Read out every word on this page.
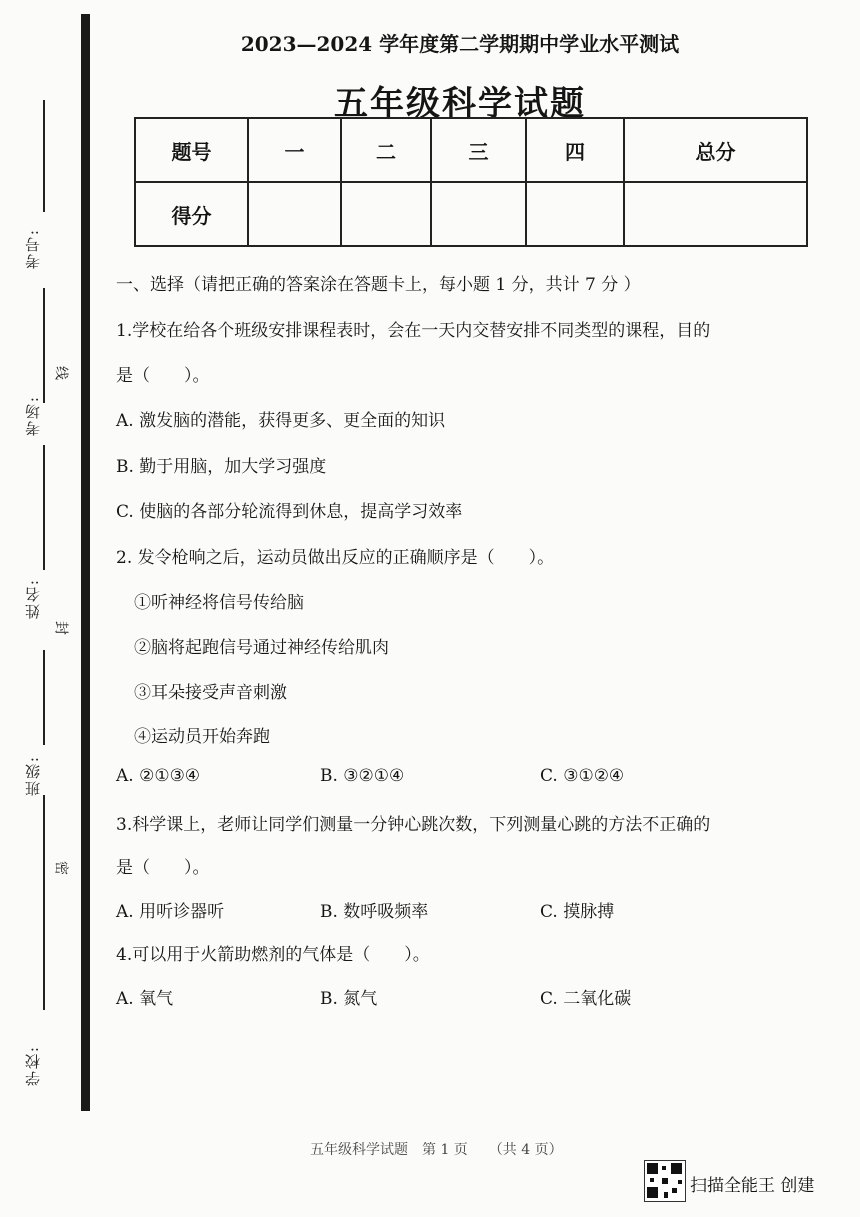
考号:
考场:
姓名:
班级:
学校:
线
封
密
2023—2024 学年度第二学期期中学业水平测试
五年级科学试题
题号	一	二	三	四	总分
得分					
一、选择（请把正确的答案涂在答题卡上，每小题 1 分，共计 7 分 ）
1.学校在给各个班级安排课程表时，会在一天内交替安排不同类型的课程，目的
是（　　）。
A. 激发脑的潜能，获得更多、更全面的知识
B. 勤于用脑，加大学习强度
C. 使脑的各部分轮流得到休息，提高学习效率
2. 发令枪响之后，运动员做出反应的正确顺序是（　　）。
①听神经将信号传给脑
②脑将起跑信号通过神经传给肌肉
③耳朵接受声音刺激
④运动员开始奔跑
A. ②①③④	B. ③②①④	C. ③①②④
3.科学课上，老师让同学们测量一分钟心跳次数，下列测量心跳的方法不正确的
是（　　）。
A. 用听诊器听	B. 数呼吸频率	C. 摸脉搏
4.可以用于火箭助燃剂的气体是（　　）。
A. 氧气	B. 氮气	C. 二氧化碳
五年级科学试题　第 1 页　　（共 4 页）
扫描全能王 创建
